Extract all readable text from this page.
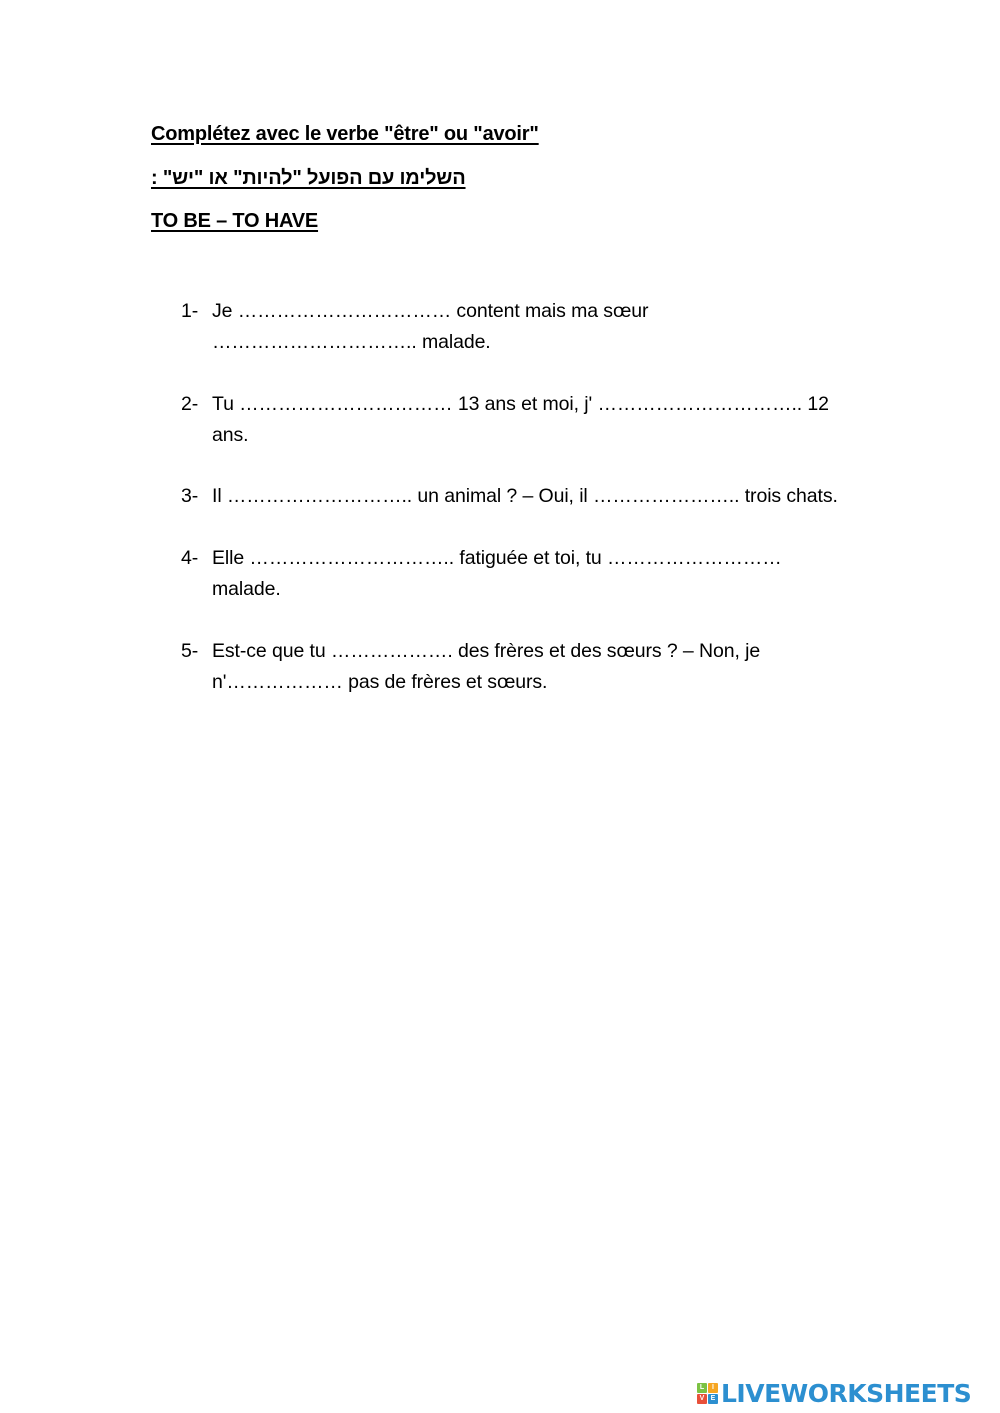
Complétez avec le verbe "être" ou "avoir"
השלימו עם הפועל "להיות" או "יש" :
TO BE – TO HAVE
1- Je …………………………… content mais ma sœur ………………………….. malade.
2- Tu …………………………… 13 ans et moi, j' ………………………….. 12 ans.
3- Il ……………………….. un animal ? – Oui, il ………………….. trois chats.
4- Elle ………………………….. fatiguée et toi, tu ……………………… malade.
5- Est-ce que tu ………………. des frères et des sœurs ? – Non, je n'……………… pas de frères et sœurs.
L	I
V E LIVEWORKSHEETS
